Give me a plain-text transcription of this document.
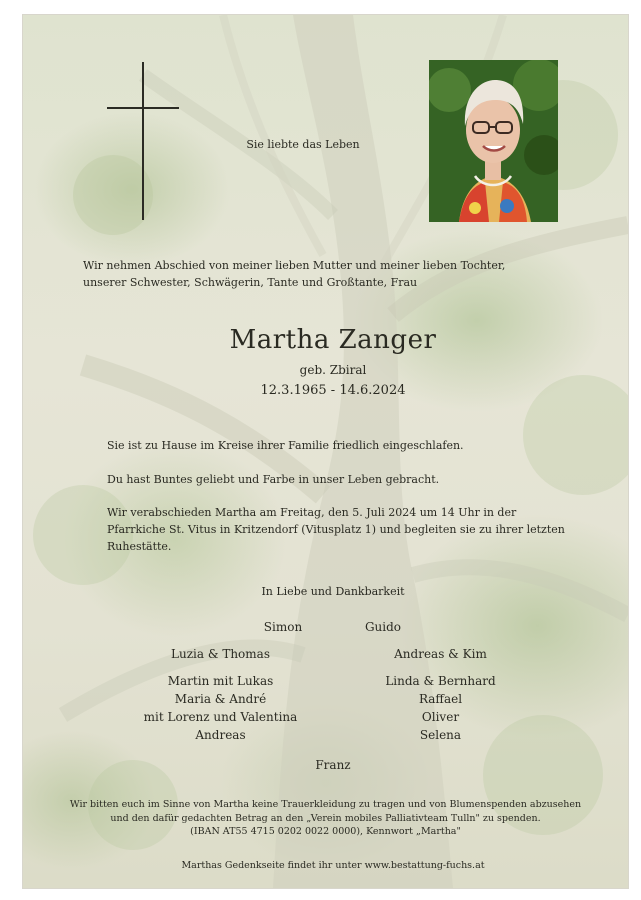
Sie liebte das Leben
Wir nehmen Abschied von meiner lieben Mutter und meiner lieben Tochter,
unserer Schwester, Schwägerin, Tante und Großtante, Frau
Martha Zanger
geb. Zbiral
12.3.1965 - 14.6.2024
Sie ist zu Hause im Kreise ihrer Familie friedlich eingeschlafen.
Du hast Buntes geliebt und Farbe in unser Leben gebracht.
Wir verabschieden Martha am Freitag, den 5. Juli 2024 um 14 Uhr in der Pfarrkiche St. Vitus in Kritzendorf (Vitusplatz 1) und begleiten sie zu ihrer letzten Ruhestätte.
In Liebe und Dankbarkeit
Simon	Guido
Luzia & Thomas	Andreas & Kim
Martin mit Lukas
Maria & André
mit Lorenz und Valentina
Andreas
Linda & Bernhard
Raffael
Oliver
Selena
Franz
Wir bitten euch im Sinne von Martha keine Trauerkleidung zu tragen und von Blumenspenden abzusehen
und den dafür gedachten Betrag an den „Verein mobiles Palliativteam Tulln" zu spenden.
(IBAN AT55 4715 0202 0022 0000), Kennwort „Martha"
Marthas Gedenkseite findet ihr unter www.bestattung-fuchs.at
